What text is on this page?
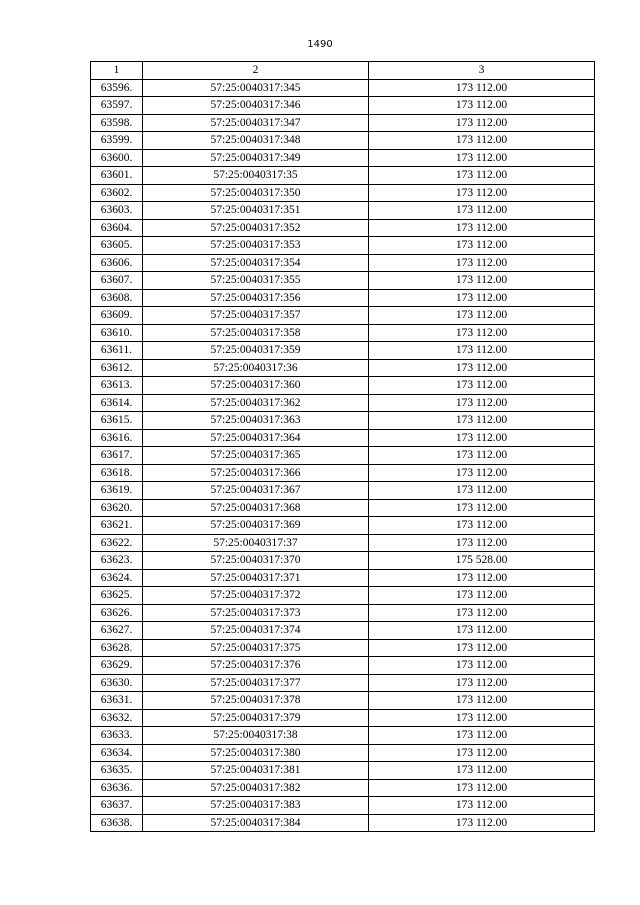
1490
1	2	3
63596.	57:25:0040317:345	173 112.00
63597.	57:25:0040317:346	173 112.00
63598.	57:25:0040317:347	173 112.00
63599.	57:25:0040317:348	173 112.00
63600.	57:25:0040317:349	173 112.00
63601.	57:25:0040317:35	173 112.00
63602.	57:25:0040317:350	173 112.00
63603.	57:25:0040317:351	173 112.00
63604.	57:25:0040317:352	173 112.00
63605.	57:25:0040317:353	173 112.00
63606.	57:25:0040317:354	173 112.00
63607.	57:25:0040317:355	173 112.00
63608.	57:25:0040317:356	173 112.00
63609.	57:25:0040317:357	173 112.00
63610.	57:25:0040317:358	173 112.00
63611.	57:25:0040317:359	173 112.00
63612.	57:25:0040317:36	173 112.00
63613.	57:25:0040317:360	173 112.00
63614.	57:25:0040317:362	173 112.00
63615.	57:25:0040317:363	173 112.00
63616.	57:25:0040317:364	173 112.00
63617.	57:25:0040317:365	173 112.00
63618.	57:25:0040317:366	173 112.00
63619.	57:25:0040317:367	173 112.00
63620.	57:25:0040317:368	173 112.00
63621.	57:25:0040317:369	173 112.00
63622.	57:25:0040317:37	173 112.00
63623.	57:25:0040317:370	175 528.00
63624.	57:25:0040317:371	173 112.00
63625.	57:25:0040317:372	173 112.00
63626.	57:25:0040317:373	173 112.00
63627.	57:25:0040317:374	173 112.00
63628.	57:25:0040317:375	173 112.00
63629.	57:25:0040317:376	173 112.00
63630.	57:25:0040317:377	173 112.00
63631.	57:25:0040317:378	173 112.00
63632.	57:25:0040317:379	173 112.00
63633.	57:25:0040317:38	173 112.00
63634.	57:25:0040317:380	173 112.00
63635.	57:25:0040317:381	173 112.00
63636.	57:25:0040317:382	173 112.00
63637.	57:25:0040317:383	173 112.00
63638.	57:25:0040317:384	173 112.00
